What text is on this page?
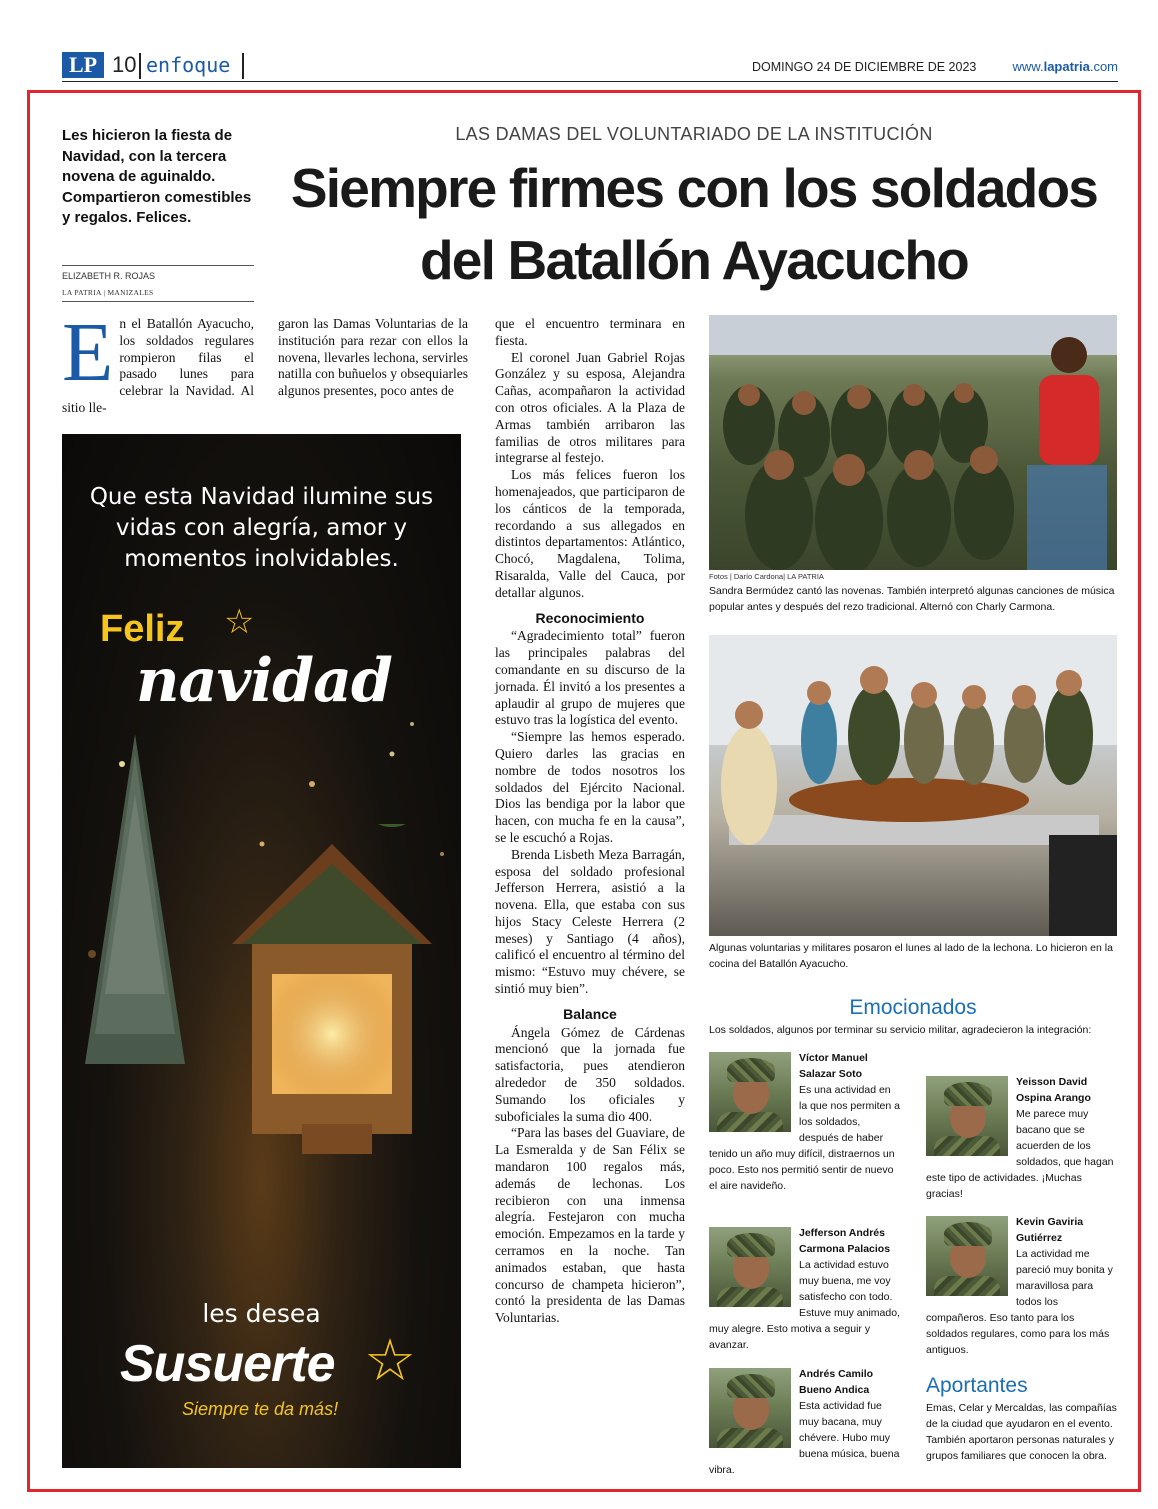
LP 10 enfoque	DOMINGO 24 DE DICIEMBRE DE 2023	www.lapatria.com
Les hicieron la fiesta de Navidad, con la tercera novena de aguinaldo. Compartieron comestibles y regalos. Felices.
ELIZABETH R. ROJAS
LA PATRIA | MANIZALES
LAS DAMAS DEL VOLUNTARIADO DE LA INSTITUCIÓN
Siempre firmes con los soldados
del Batallón Ayacucho
E n el Batallón Ayacucho, los soldados regulares rompieron filas el pasado lunes para celebrar la Navidad. Al sitio lle-

garon las Damas Voluntarias de la institución para rezar con ellos la novena, llevarles lechona, servirles natilla con buñuelos y obsequiarles algunos presentes, poco antes de

que el encuentro terminara en fiesta.

El coronel Juan Gabriel Rojas González y su esposa, Alejandra Cañas, acompañaron la actividad con otros oficiales. A la Plaza de Armas también arribaron las familias de otros militares para integrarse al festejo.

Los más felices fueron los homenajeados, que participaron de los cánticos de la temporada, recordando a sus allegados en distintos departamentos: Atlántico, Chocó, Magdalena, Tolima, Risaralda, Valle del Cauca, por detallar algunos.

Reconocimiento

“Agradecimiento total” fueron las principales palabras del comandante en su discurso de la jornada. Él invitó a los presentes a aplaudir al grupo de mujeres que estuvo tras la logística del evento.

“Siempre las hemos esperado. Quiero darles las gracias en nombre de todos nosotros los soldados del Ejército Nacional. Dios las bendiga por la labor que hacen, con mucha fe en la causa”, se le escuchó a Rojas.

Brenda Lisbeth Meza Barragán, esposa del soldado profesional Jefferson Herrera, asistió a la novena. Ella, que estaba con sus hijos Stacy Celeste Herrera (2 meses) y Santiago (4 años), calificó el encuentro al término del mismo: “Estuvo muy chévere, se sintió muy bien”.

Balance

Ángela Gómez de Cárdenas mencionó que la jornada fue satisfactoria, pues atendieron alrededor de 350 soldados. Sumando los oficiales y suboficiales la suma dio 400.

“Para las bases del Guaviare, de La Esmeralda y de San Félix se mandaron 100 regalos más, además de lechonas. Los recibieron con una inmensa alegría. Festejaron con mucha emoción. Empezamos en la tarde y cerramos en la noche. Tan animados estaban, que hasta concurso de champeta hicieron”, contó la presidenta de las Damas Voluntarias.

Que esta Navidad ilumine sus vidas con alegría, amor y momentos inolvidables.
Feliz ☆
navidad
les desea
Susuerte ☆
Siempre te da más!
Fotos | Darío Cardona| LA PATRIA
Sandra Bermúdez cantó las novenas. También interpretó algunas canciones de música popular antes y después del rezo tradicional. Alternó con Charly Carmona.
Algunas voluntarias y militares posaron el lunes al lado de la lechona. Lo hicieron en la cocina del Batallón Ayacucho.
Emocionados
Los soldados, algunos por terminar su servicio militar, agradecieron la integración:
Víctor Manuel Salazar Soto
Es una actividad en la que nos permiten a los soldados, después de haber tenido un año muy difícil, distraernos un poco. Esto nos permitió sentir de nuevo el aire navideño.
Yeisson David Ospina Arango
Me parece muy bacano que se acuerden de los soldados, que hagan este tipo de actividades. ¡Muchas gracias!
Jefferson Andrés Carmona Palacios
La actividad estuvo muy buena, me voy satisfecho con todo. Estuve muy animado, muy alegre. Esto motiva a seguir y avanzar.
Kevin Gaviria Gutiérrez
La actividad me pareció muy bonita y maravillosa para todos los compañeros. Eso tanto para los soldados regulares, como para los más antiguos.
Andrés Camilo Bueno Andica
Esta actividad fue muy bacana, muy chévere. Hubo muy buena música, buena vibra.
Aportantes
Emas, Celar y Mercaldas, las compañías de la ciudad que ayudaron en el evento. También aportaron personas naturales y grupos familiares que conocen la obra.
